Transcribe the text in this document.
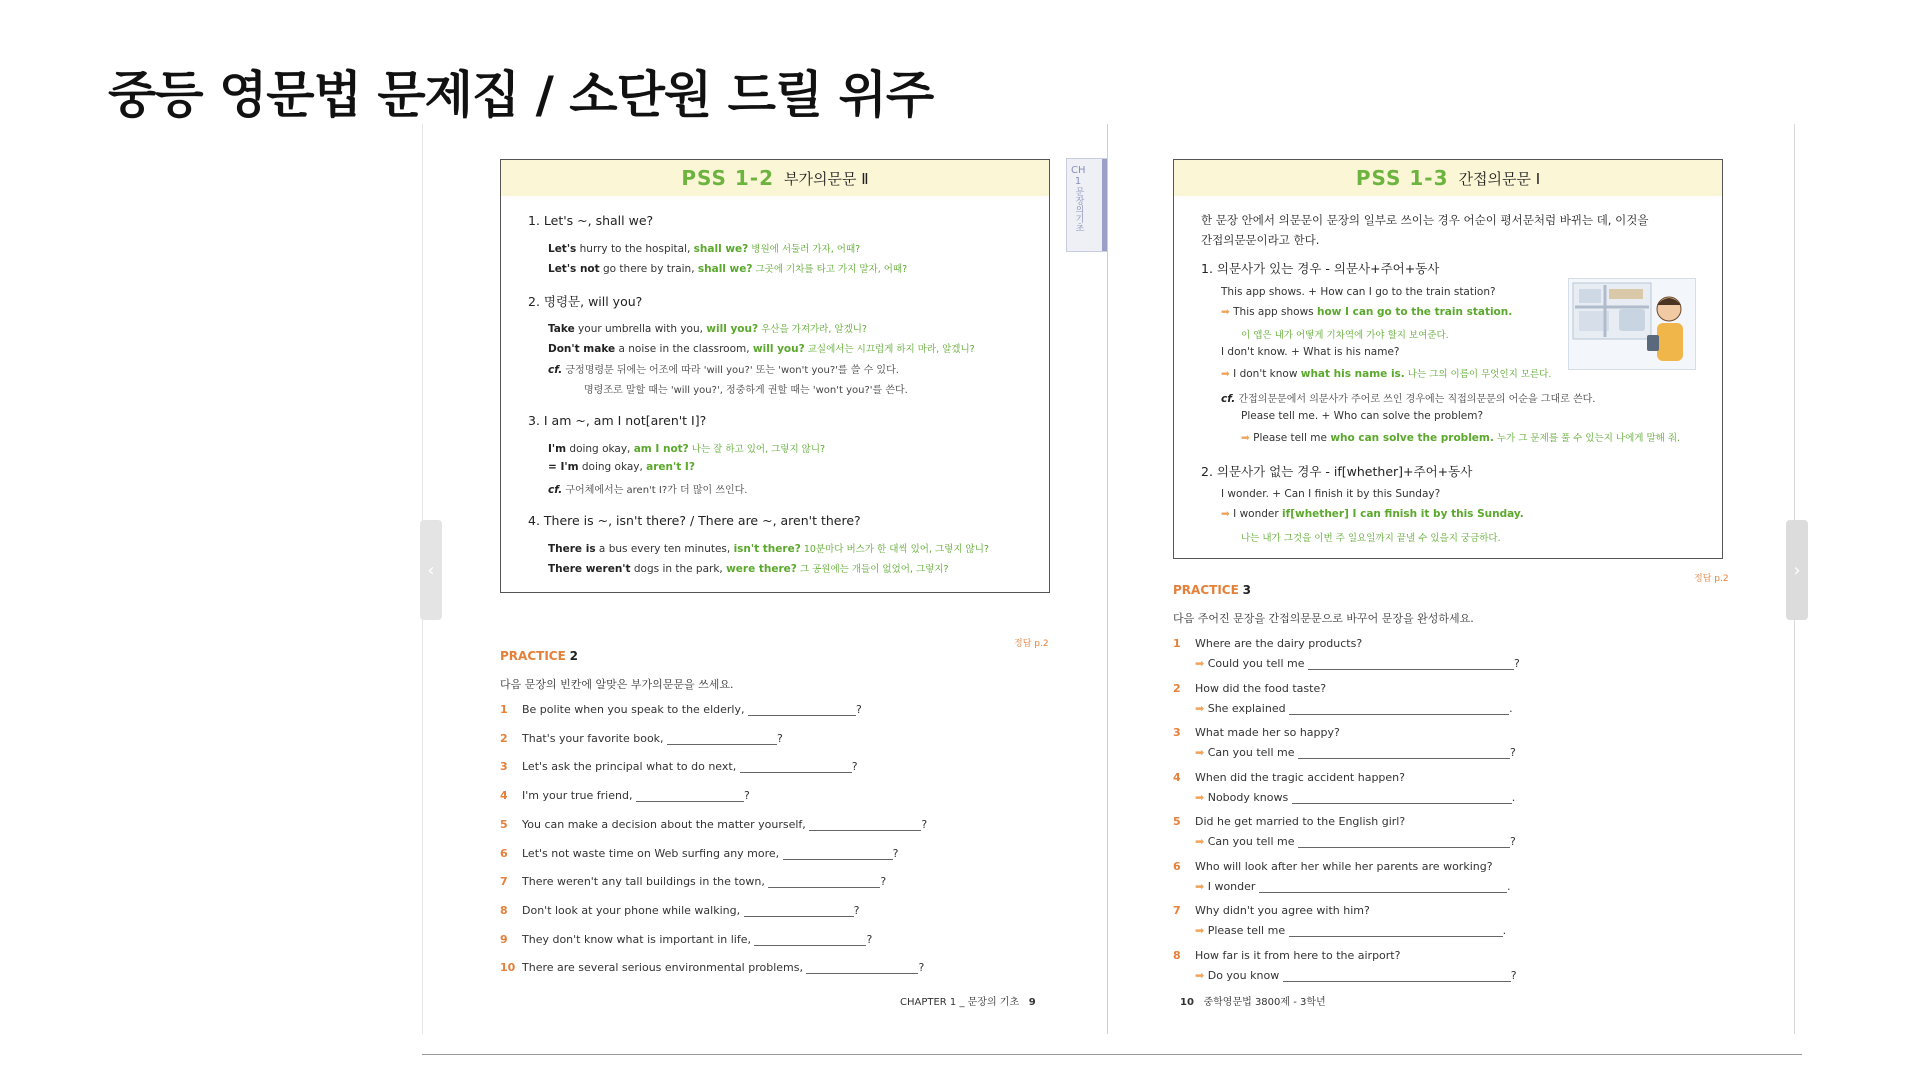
중등 영문법 문제집 / 소단원 드릴 위주
‹	›
PSS 1-2 부가의문문 Ⅱ
1. Let's ~, shall we?
Let's hurry to the hospital, shall we? 병원에 서둘러 가자, 어때?
Let's not go there by train, shall we? 그곳에 기차를 타고 가지 말자, 어때?
2. 명령문, will you?
Take your umbrella with you, will you? 우산을 가져가라, 알겠니?
Don't make a noise in the classroom, will you? 교실에서는 시끄럽게 하지 마라, 알겠니?
cf. 긍정명령문 뒤에는 어조에 따라 'will you?' 또는 'won't you?'를 쓸 수 있다.
명령조로 말할 때는 'will you?', 정중하게 권할 때는 'won't you?'를 쓴다.
3. I am ~, am I not[aren't I]?
I'm doing okay, am I not? 나는 잘 하고 있어, 그렇지 않니?
= I'm doing okay, aren't I?
cf. 구어체에서는 aren't I?가 더 많이 쓰인다.
4. There is ~, isn't there? / There are ~, aren't there?
There is a bus every ten minutes, isn't there? 10분마다 버스가 한 대씩 있어, 그렇지 않니?
There weren't dogs in the park, were there? 그 공원에는 개들이 없었어, 그렇지?
CH
1
문장의기초
정답 p.2
PRACTICE 2
다음 문장의 빈칸에 알맞은 부가의문문을 쓰세요.
1 Be polite when you speak to the elderly,	?
2 That's your favorite book,	?
3 Let's ask the principal what to do next,	?
4 I'm your true friend,	?
5 You can make a decision about the matter yourself,	?
6 Let's not waste time on Web surfing any more,	?
7 There weren't any tall buildings in the town,	?
8 Don't look at your phone while walking,	?
9 They don't know what is important in life,	?
10 There are several serious environmental problems,	?
CHAPTER 1 _ 문장의 기초 9
PSS 1-3 간접의문문 Ⅰ
한 문장 안에서 의문문이 문장의 일부로 쓰이는 경우 어순이 평서문처럼 바뀌는 데, 이것을
간접의문문이라고 한다.
1. 의문사가 있는 경우 - 의문사+주어+동사
This app shows. + How can I go to the train station?
➡ This app shows how I can go to the train station.
이 앱은 내가 어떻게 기차역에 가야 할지 보여준다.
I don't know. + What is his name?
➡ I don't know what his name is. 나는 그의 이름이 무엇인지 모른다.
cf. 간접의문문에서 의문사가 주어로 쓰인 경우에는 직접의문문의 어순을 그대로 쓴다.
Please tell me. + Who can solve the problem?
➡ Please tell me who can solve the problem. 누가 그 문제를 풀 수 있는지 나에게 말해 줘.
2. 의문사가 없는 경우 - if[whether]+주어+동사
I wonder. + Can I finish it by this Sunday?
➡ I wonder if[whether] I can finish it by this Sunday.
나는 내가 그것을 이번 주 일요일까지 끝낼 수 있을지 궁금하다.
정답 p.2
PRACTICE 3
다음 주어진 문장을 간접의문문으로 바꾸어 문장을 완성하세요.
1 Where are the dairy products?
➡ Could you tell me	?
2 How did the food taste?
➡ She explained	.
3 What made her so happy?
➡ Can you tell me	?
4 When did the tragic accident happen?
➡ Nobody knows	.
5 Did he get married to the English girl?
➡ Can you tell me	?
6 Who will look after her while her parents are working?
➡ I wonder	.
7 Why didn't you agree with him?
➡ Please tell me	.
8 How far is it from here to the airport?
➡ Do you know	?
10 중학영문법 3800제 - 3학년
